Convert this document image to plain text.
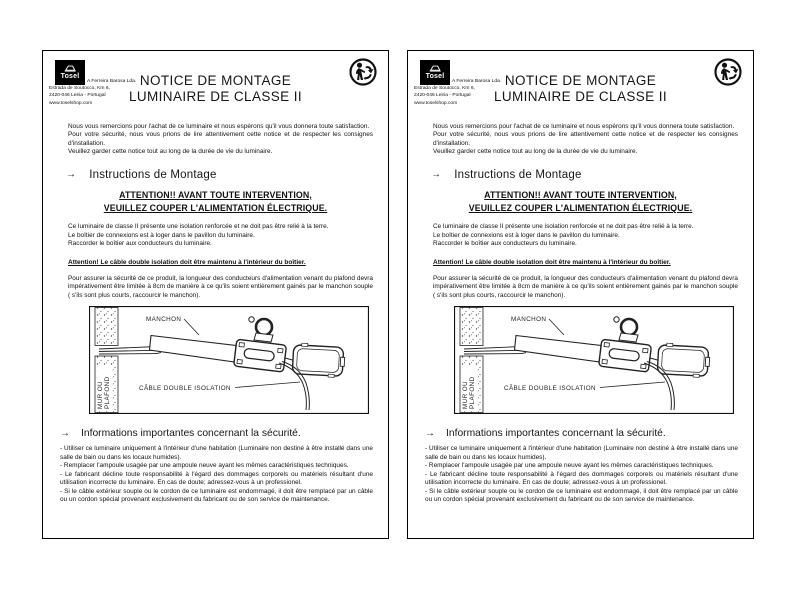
Tosel
A Ferreira Barosa Lda.
Estrada de Soutocco, Km 6,
2420-046 Leiria - Portugal
www.toselshop.com
NOTICE DE MONTAGE
LUMINAIRE DE CLASSE II

Nous vous remercions pour l'achat de ce luminaire et nous espérons qu'il vous donnera toute satisfaction.

Pour votre sécurité, nous vous prions de lire attentivement cette notice et de respecter les consignes d'installation.

Veuillez garder cette notice tout au long de la durée de vie du luminaire.

→ Instructions de Montage
ATTENTION!! AVANT TOUTE INTERVENTION,
VEUILLEZ COUPER L'ALIMENTATION ÉLECTRIQUE.
Ce luminaire de classe II présente une isolation renforcée et ne doit pas être relié à la terre.
Le boîtier de connexions est à loger dans le pavillon du luminaire.
Raccorder le boîtier aux conducteurs du luminaire.
Attention! Le câble double isolation doit être maintenu à l'intérieur du boîtier.

Pour assurer la sécurité de ce produit, la longueur des conducteurs d'alimentation venant du plafond devra impérativement être limitée à 8cm de manière à ce qu'ils soient entièrement gainés par le manchon souple ( s'ils sont plus courts, raccourcir le manchon).

MUR OU PLAFOND
MANCHON
CÂBLE DOUBLE ISOLATION
→ Informations importantes concernant la sécurité.

- Utiliser ce luminaire uniquement à l'intérieur d'une habitation (Luminaire non destiné à être installé dans une salle de bain ou dans les locaux humides).

- Remplacer l'ampoule usagée par une ampoule neuve ayant les mêmes caractéristiques techniques.

- Le fabricant décline toute responsabilité à l'égard des dommages corporels ou matériels résultant d'une utilisation incorrecte du luminaire. En cas de doute; adressez-vous à un professionel.

- Si le câble extérieur souple ou le cordon de ce luminaire est endommagé, il doit être remplacé par un câble ou un cordon spécial provenant exclusivement du fabricant ou de son service de maintenance.

Tosel
A Ferreira Barosa Lda.
Estrada de Soutocco, Km 6,
2420-046 Leiria - Portugal
www.toselshop.com
NOTICE DE MONTAGE
LUMINAIRE DE CLASSE II

Nous vous remercions pour l'achat de ce luminaire et nous espérons qu'il vous donnera toute satisfaction.

Pour votre sécurité, nous vous prions de lire attentivement cette notice et de respecter les consignes d'installation.

Veuillez garder cette notice tout au long de la durée de vie du luminaire.

→ Instructions de Montage
ATTENTION!! AVANT TOUTE INTERVENTION,
VEUILLEZ COUPER L'ALIMENTATION ÉLECTRIQUE.
Ce luminaire de classe II présente une isolation renforcée et ne doit pas être relié à la terre.
Le boîtier de connexions est à loger dans le pavillon du luminaire.
Raccorder le boîtier aux conducteurs du luminaire.
Attention! Le câble double isolation doit être maintenu à l'intérieur du boîtier.

Pour assurer la sécurité de ce produit, la longueur des conducteurs d'alimentation venant du plafond devra impérativement être limitée à 8cm de manière à ce qu'ils soient entièrement gainés par le manchon souple ( s'ils sont plus courts, raccourcir le manchon).

MUR OU PLAFOND
MANCHON
CÂBLE DOUBLE ISOLATION
→ Informations importantes concernant la sécurité.

- Utiliser ce luminaire uniquement à l'intérieur d'une habitation (Luminaire non destiné à être installé dans une salle de bain ou dans les locaux humides).

- Remplacer l'ampoule usagée par une ampoule neuve ayant les mêmes caractéristiques techniques.

- Le fabricant décline toute responsabilité à l'égard des dommages corporels ou matériels résultant d'une utilisation incorrecte du luminaire. En cas de doute; adressez-vous à un professionel.

- Si le câble extérieur souple ou le cordon de ce luminaire est endommagé, il doit être remplacé par un câble ou un cordon spécial provenant exclusivement du fabricant ou de son service de maintenance.
